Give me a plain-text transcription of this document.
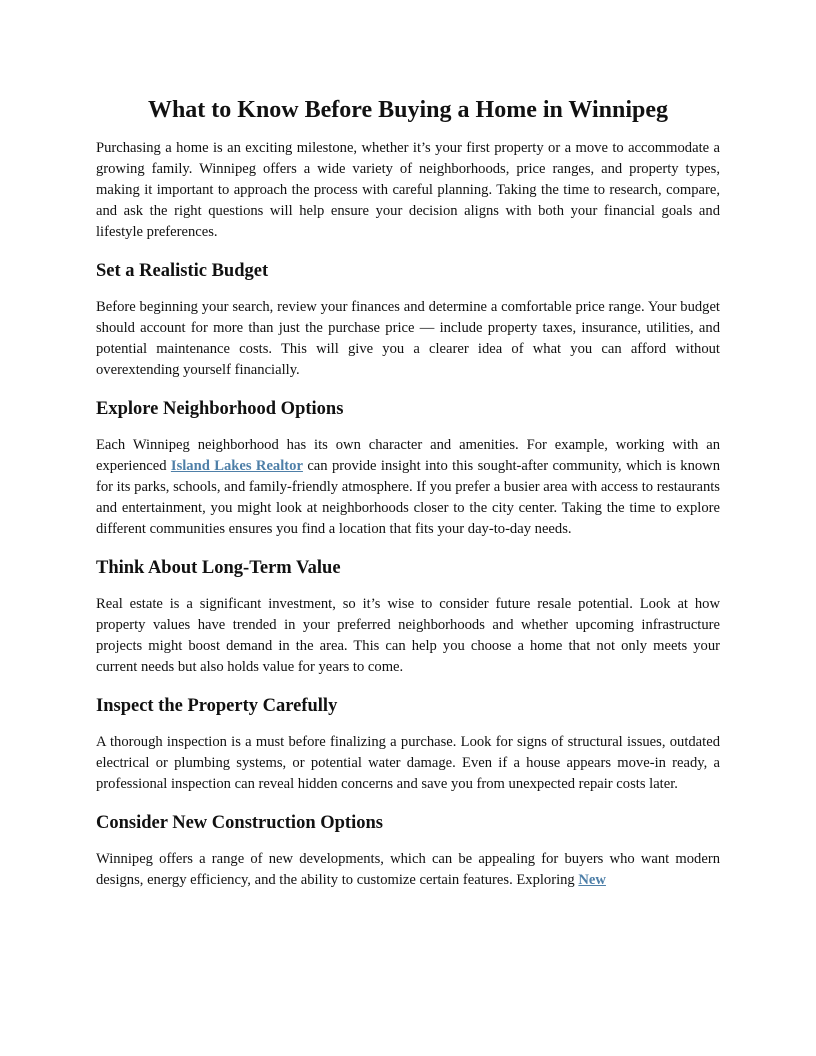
What to Know Before Buying a Home in Winnipeg

Purchasing a home is an exciting milestone, whether it’s your first property or a move to accommodate a growing family. Winnipeg offers a wide variety of neighborhoods, price ranges, and property types, making it important to approach the process with careful planning. Taking the time to research, compare, and ask the right questions will help ensure your decision aligns with both your financial goals and lifestyle preferences.

Set a Realistic Budget

Before beginning your search, review your finances and determine a comfortable price range. Your budget should account for more than just the purchase price — include property taxes, insurance, utilities, and potential maintenance costs. This will give you a clearer idea of what you can afford without overextending yourself financially.

Explore Neighborhood Options

Each Winnipeg neighborhood has its own character and amenities. For example, working with an experienced Island Lakes Realtor can provide insight into this sought-after community, which is known for its parks, schools, and family-friendly atmosphere. If you prefer a busier area with access to restaurants and entertainment, you might look at neighborhoods closer to the city center. Taking the time to explore different communities ensures you find a location that fits your day-to-day needs.

Think About Long-Term Value

Real estate is a significant investment, so it’s wise to consider future resale potential. Look at how property values have trended in your preferred neighborhoods and whether upcoming infrastructure projects might boost demand in the area. This can help you choose a home that not only meets your current needs but also holds value for years to come.

Inspect the Property Carefully

A thorough inspection is a must before finalizing a purchase. Look for signs of structural issues, outdated electrical or plumbing systems, or potential water damage. Even if a house appears move-in ready, a professional inspection can reveal hidden concerns and save you from unexpected repair costs later.

Consider New Construction Options

Winnipeg offers a range of new developments, which can be appealing for buyers who want modern designs, energy efficiency, and the ability to customize certain features. Exploring New
